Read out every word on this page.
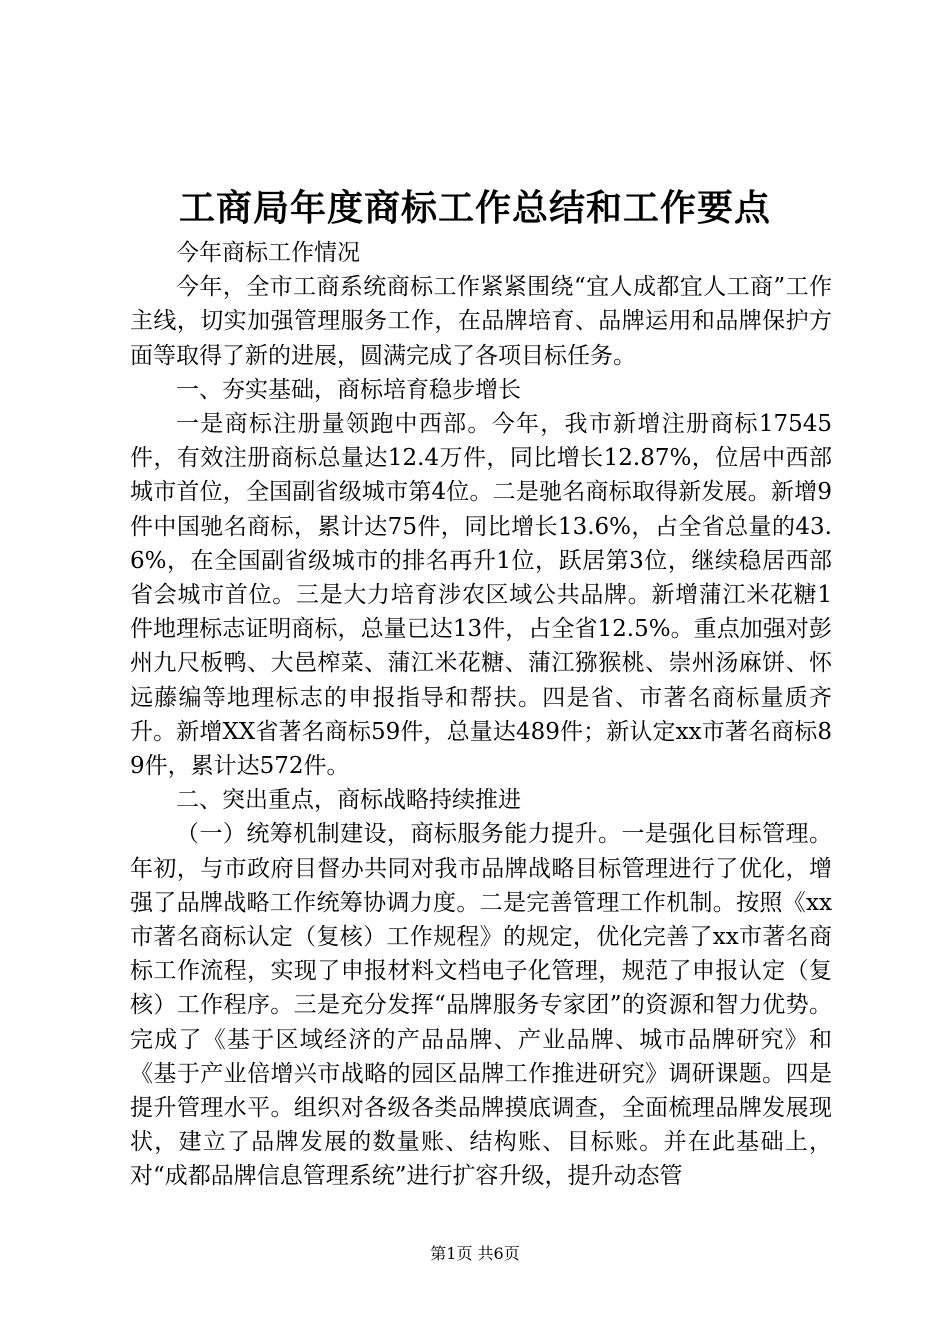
工商局年度商标工作总结和工作要点

今年商标工作情况

今年，全市工商系统商标工作紧紧围绕“宜人成都宜人工商”工作主线，切实加强管理服务工作，在品牌培育、品牌运用和品牌保护方面等取得了新的进展，圆满完成了各项目标任务。

一、夯实基础，商标培育稳步增长

一是商标注册量领跑中西部。今年，我市新增注册商标17545件，有效注册商标总量达12.4万件，同比增长12.87%，位居中西部城市首位，全国副省级城市第4位。二是驰名商标取得新发展。新增9件中国驰名商标，累计达75件，同比增长13.6%，占全省总量的43.6%，在全国副省级城市的排名再升1位，跃居第3位，继续稳居西部省会城市首位。三是大力培育涉农区域公共品牌。新增蒲江米花糖1件地理标志证明商标，总量已达13件，占全省12.5%。重点加强对彭州九尺板鸭、大邑榨菜、蒲江米花糖、蒲江猕猴桃、崇州汤麻饼、怀远藤编等地理标志的申报指导和帮扶。四是省、市著名商标量质齐升。新增XX省著名商标59件，总量达489件；新认定xx市著名商标89件，累计达572件。

二、突出重点，商标战略持续推进

（一）统筹机制建设，商标服务能力提升。一是强化目标管理。年初，与市政府目督办共同对我市品牌战略目标管理进行了优化，增强了品牌战略工作统筹协调力度。二是完善管理工作机制。按照《xx市著名商标认定（复核）工作规程》的规定，优化完善了xx市著名商标工作流程，实现了申报材料文档电子化管理，规范了申报认定（复核）工作程序。三是充分发挥“品牌服务专家团”的资源和智力优势。完成了《基于区域经济的产品品牌、产业品牌、城市品牌研究》和《基于产业倍增兴市战略的园区品牌工作推进研究》调研课题。四是提升管理水平。组织对各级各类品牌摸底调查，全面梳理品牌发展现状，建立了品牌发展的数量账、结构账、目标账。并在此基础上，对“成都品牌信息管理系统”进行扩容升级，提升动态管

第1页 共6页
